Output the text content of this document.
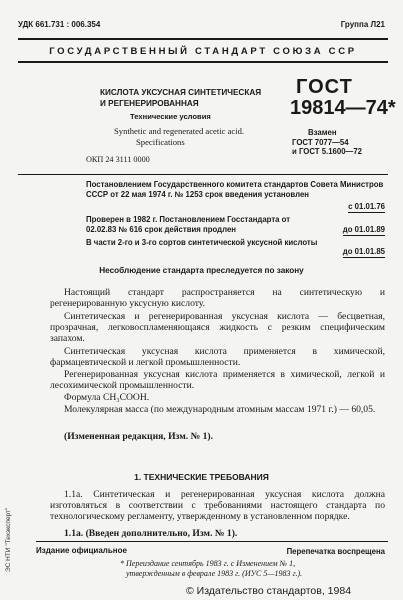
УДК 661.731 : 006.354	Группа Л21
ГОСУДАРСТВЕННЫЙ СТАНДАРТ СОЮЗА ССР
КИСЛОТА УКСУСНАЯ СИНТЕТИЧЕСКАЯ
И РЕГЕНЕРИРОВАННАЯ
Технические условия
Synthetic and regenerated acetic acid.
Specifications
ОКП 24 3111 0000
ГОСТ
19814—74*
Взамен
ГОСТ 7077—54
и ГОСТ 5.1600—72
Постановлением Государственного комитета стандартов Совета Министров СССР от 22 мая 1974 г. № 1253 срок введения установлен
с 01.01.76
Проверен в 1982 г. Постановлением Госстандарта от 02.02.83 № 616 срок действия продлен	до 01.01.89
В части 2-го и 3-го сортов синтетической уксусной кислоты
до 01.01.85
Несоблюдение стандарта преследуется по закону
Настоящий стандарт распространяется на синтетическую и регенерированную уксусную кислоту.
Синтетическая и регенерированная уксусная кислота — бесцветная, прозрачная, легковоспламеняющаяся жидкость с резким специфическим запахом.
Синтетическая уксусная кислота применяется в химической, фармацевтической и легкой промышленности.
Регенерированная уксусная кислота применяется в химической, легкой и лесохимической промышленности.
Формула CH₃COOH.
Молекулярная масса (по международным атомным массам 1971 г.) — 60,05.
(Измененная редакция, Изм. № 1).
1. ТЕХНИЧЕСКИЕ ТРЕБОВАНИЯ
1.1а. Синтетическая и регенерированная уксусная кислота должна изготовляться в соответствии с требованиями настоящего стандарта по технологическому регламенту, утвержденному в установленном порядке.
1.1а. (Введен дополнительно, Изм. № 1).
Издание официальное	Перепечатка воспрещена
* Переиздание сентябрь 1983 г. с Изменением № 1,
утвержденным в феврале 1983 г. (ИУС 5—1983 г.).
© Издательство стандартов, 1984
ЭС НТИ "Техэксперт"
